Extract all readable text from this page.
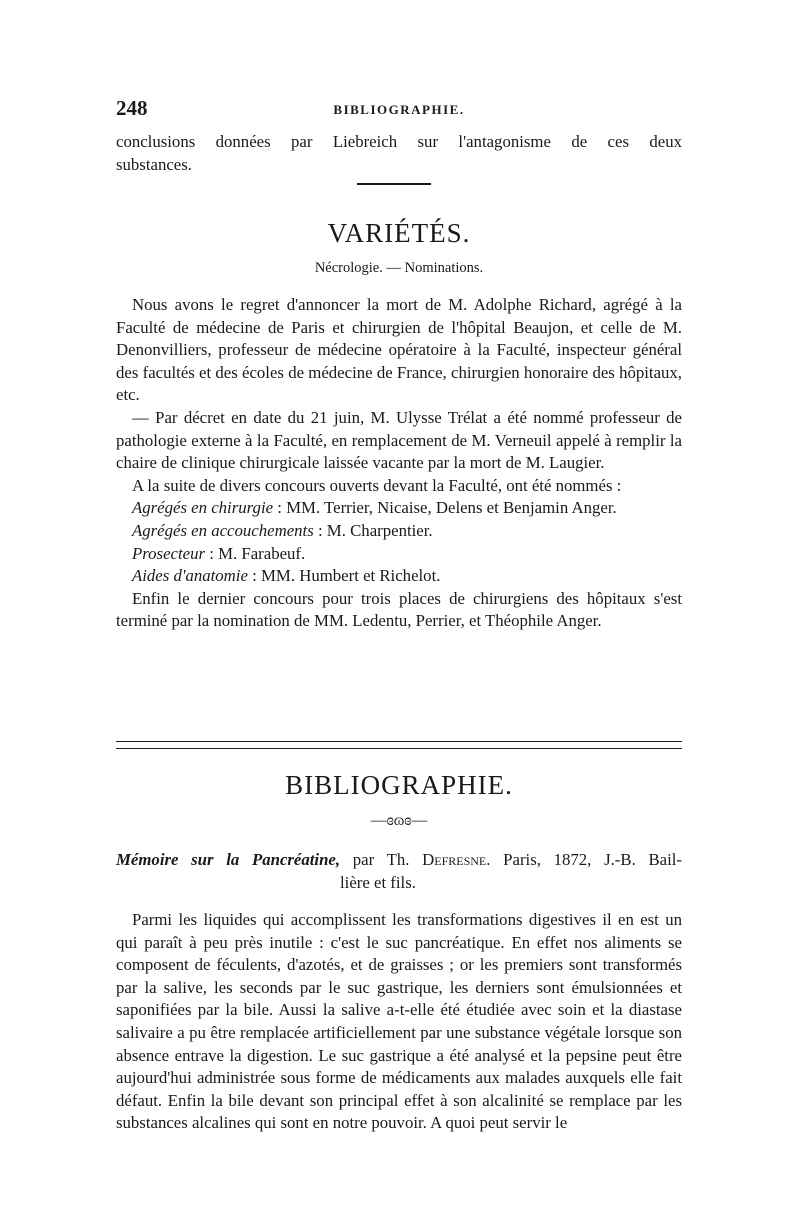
248	BIBLIOGRAPHIE.

conclusions données par Liebreich sur l'antagonisme de ces deux

substances.

VARIÉTÉS.
Nécrologie. — Nominations.

Nous avons le regret d'annoncer la mort de M. Adolphe Richard, agrégé à la Faculté de médecine de Paris et chirurgien de l'hôpital Beaujon, et celle de M. Denonvilliers, professeur de médecine opératoire à la Faculté, inspecteur général des facultés et des écoles de médecine de France, chirurgien honoraire des hôpitaux, etc.

— Par décret en date du 21 juin, M. Ulysse Trélat a été nommé professeur de pathologie externe à la Faculté, en remplacement de M. Verneuil appelé à remplir la chaire de clinique chirurgicale laissée vacante par la mort de M. Laugier.

A la suite de divers concours ouverts devant la Faculté, ont été nommés :

Agrégés en chirurgie : MM. Terrier, Nicaise, Delens et Benjamin Anger.

Agrégés en accouchements : M. Charpentier.

Prosecteur : M. Farabeuf.

Aides d'anatomie : MM. Humbert et Richelot.

Enfin le dernier concours pour trois places de chirurgiens des hôpitaux s'est terminé par la nomination de MM. Ledentu, Perrier, et Théophile Anger.

BIBLIOGRAPHIE.
—ɞɷɞ—
Mémoire sur la Pancréatine, par Th. Defresne. Paris, 1872, J.-B. Bail-
lière et fils.

Parmi les liquides qui accomplissent les transformations digestives il en est un qui paraît à peu près inutile : c'est le suc pancréatique. En effet nos aliments se composent de féculents, d'azotés, et de graisses ; or les premiers sont transformés par la salive, les seconds par le suc gastrique, les derniers sont émulsionnées et saponifiées par la bile. Aussi la salive a-t-elle été étudiée avec soin et la diastase salivaire a pu être remplacée artificiellement par une substance végétale lorsque son absence entrave la digestion. Le suc gastrique a été analysé et la pepsine peut être aujourd'hui administrée sous forme de médicaments aux malades auxquels elle fait défaut. Enfin la bile devant son principal effet à son alcalinité se remplace par les substances alcalines qui sont en notre pouvoir. A quoi peut servir le
